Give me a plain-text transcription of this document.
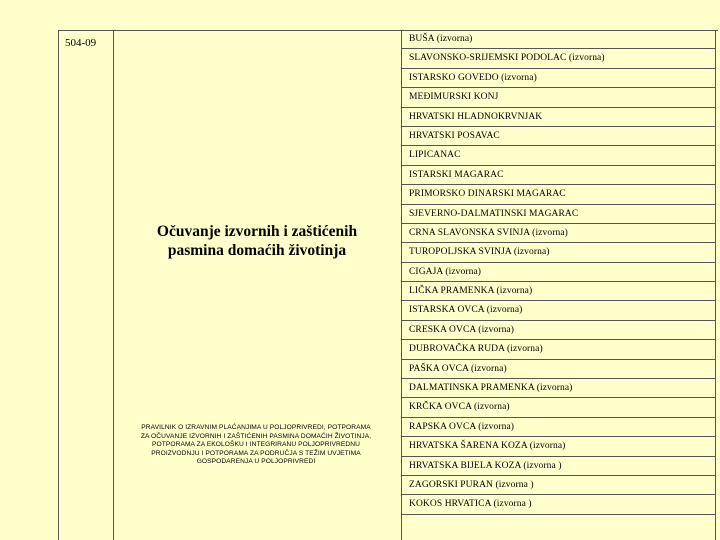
504-09
Očuvanje izvornih i zaštićenih
pasmina domaćih životinja
PRAVILNIK O IZRAVNIM PLAĆANJIMA U POLJOPRIVREDI, POTPORAMA
ZA OČUVANJE IZVORNIH I ZAŠTIĆENIH PASMINA DOMAĆIH ŽIVOTINJA,
POTPORAMA ZA EKOLOŠKU I INTEGRIRANU POLJOPRIVREDNU
PROIZVODNJU I POTPORAMA ZA PODRUČJA S TEŽIM UVJETIMA
GOSPODARENJA U POLJOPRIVREDI
BUŠA (izvorna)
SLAVONSKO-SRIJEMSKI PODOLAC (izvorna)
ISTARSKO GOVEDO (izvorna)
MEĐIMURSKI KONJ
HRVATSKI HLADNOKRVNJAK
HRVATSKI POSAVAC
LIPICANAC
ISTARSKI MAGARAC
PRIMORSKO DINARSKI MAGARAC
SJEVERNO-DALMATINSKI MAGARAC
CRNA SLAVONSKA SVINJA (izvorna)
TUROPOLJSKA SVINJA (izvorna)
CIGAJA (izvorna)
LIČKA PRAMENKA (izvorna)
ISTARSKA OVCA (izvorna)
CRESKA OVCA (izvorna)
DUBROVAČKA RUDA (izvorna)
PAŠKA OVCA (izvorna)
DALMATINSKA PRAMENKA (izvorna)
KRČKA OVCA (izvorna)
RAPSKA OVCA (izvorna)
HRVATSKA ŠARENA KOZA (izvorna)
HRVATSKA BIJELA KOZA (izvorna )
ZAGORSKI PURAN (izvorna )
KOKOS HRVATICA (izvorna )
